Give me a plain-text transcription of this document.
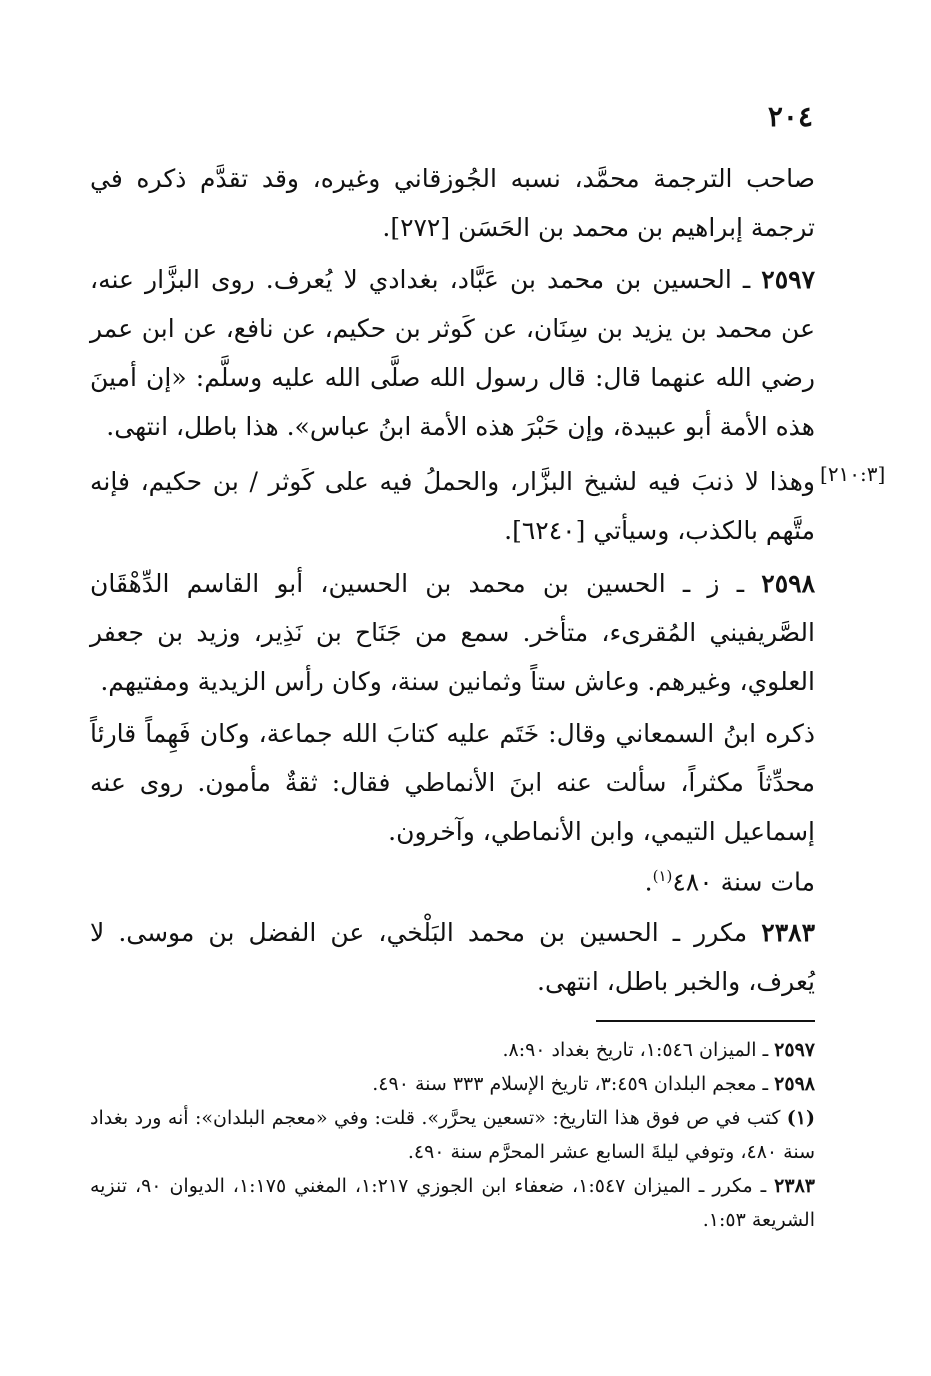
٢٠٤

صاحب الترجمة محمَّد، نسبه الجُوزقاني وغيره، وقد تقدَّم ذكره في ترجمة إبراهيم بن محمد بن الحَسَن [٢٧٢].

٢٥٩٧ ـ الحسين بن محمد بن عَبَّاد، بغدادي لا يُعرف. روى البزَّار عنه، عن محمد بن يزيد بن سِنَان، عن كَوثر بن حكيم، عن نافع، عن ابن عمر رضي الله عنهما قال: قال رسول الله صلَّى الله عليه وسلَّم: «إن أمينَ هذه الأمة أبو عبيدة، وإن حَبْرَ هذه الأمة ابنُ عباس». هذا باطل، انتهى.

[٢١٠:٣]

وهذا لا ذنبَ فيه لشيخ البزَّار، والحملُ فيه على كَوثر / بن حكيم، فإنه متَّهم بالكذب، وسيأتي [٦٢٤٠].

٢٥٩٨ ـ ز ـ الحسين بن محمد بن الحسين، أبو القاسم الدِّهْقَان الصَّريفيني المُقرىء، متأخر. سمع من جَنَاح بن نَذِير، وزيد بن جعفر العلوي، وغيرهم. وعاش ستاً وثمانين سنة، وكان رأس الزيدية ومفتيهم.

ذكره ابنُ السمعاني وقال: خَتَم عليه كتابَ الله جماعة، وكان فَهِماً قارئاً محدِّثاً مكثراً، سألت عنه ابنَ الأنماطي فقال: ثقةٌ مأمون. روى عنه إسماعيل التيمي، وابن الأنماطي، وآخرون.

مات سنة ٤٨٠$^{(١)}$.

٢٣٨٣ مكرر ـ الحسين بن محمد البَلْخي، عن الفضل بن موسى. لا يُعرف، والخبر باطل، انتهى.

٢٥٩٧ ـ الميزان ١:٥٤٦، تاريخ بغداد ٨:٩٠.

٢٥٩٨ ـ معجم البلدان ٣:٤٥٩، تاريخ الإسلام ٣٣٣ سنة ٤٩٠.

(١) كتب في ص فوق هذا التاريخ: «تسعين يحرَّر». قلت: وفي «معجم البلدان»: أنه ورد بغداد سنة ٤٨٠، وتوفي ليلةَ السابع عشر المحرَّم سنة ٤٩٠.

٢٣٨٣ ـ مكرر ـ الميزان ١:٥٤٧، ضعفاء ابن الجوزي ١:٢١٧، المغني ١:١٧٥، الديوان ٩٠، تنزيه الشريعة ١:٥٣.
